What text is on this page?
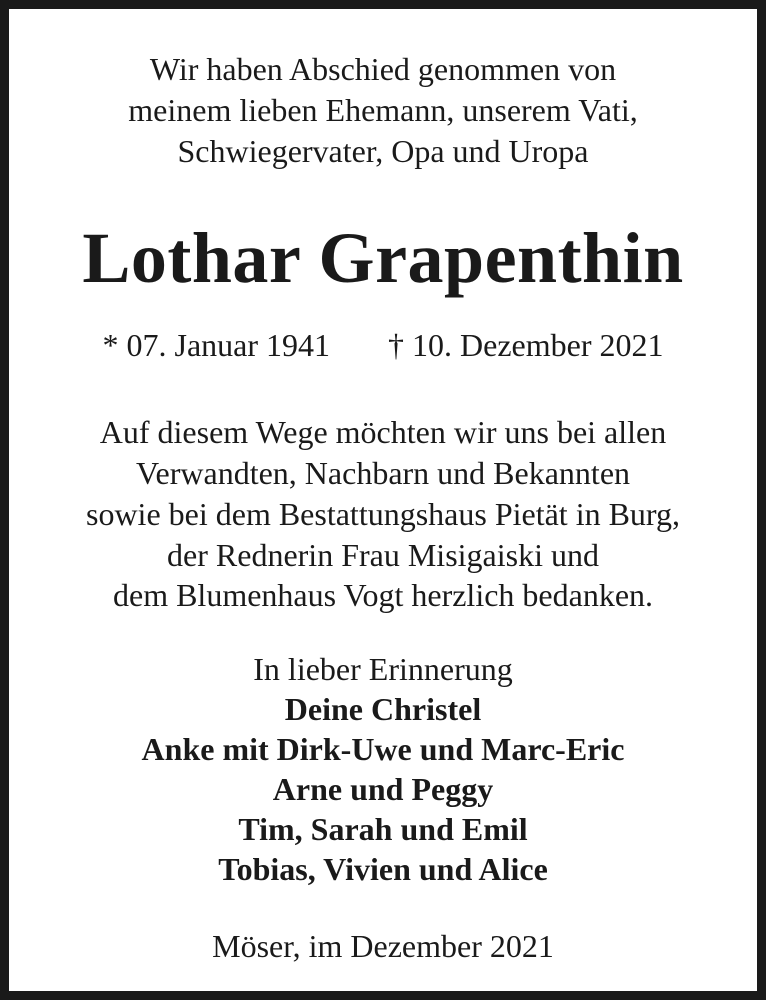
Wir haben Abschied genommen von
meinem lieben Ehemann, unserem Vati,
Schwiegervater, Opa und Uropa
Lothar Grapenthin
* 07. Januar 1941 † 10. Dezember 2021
Auf diesem Wege möchten wir uns bei allen
Verwandten, Nachbarn und Bekannten
sowie bei dem Bestattungshaus Pietät in Burg,
der Rednerin Frau Misigaiski und
dem Blumenhaus Vogt herzlich bedanken.
In lieber Erinnerung
Deine Christel
Anke mit Dirk-Uwe und Marc-Eric
Arne und Peggy
Tim, Sarah und Emil
Tobias, Vivien und Alice
Möser, im Dezember 2021
